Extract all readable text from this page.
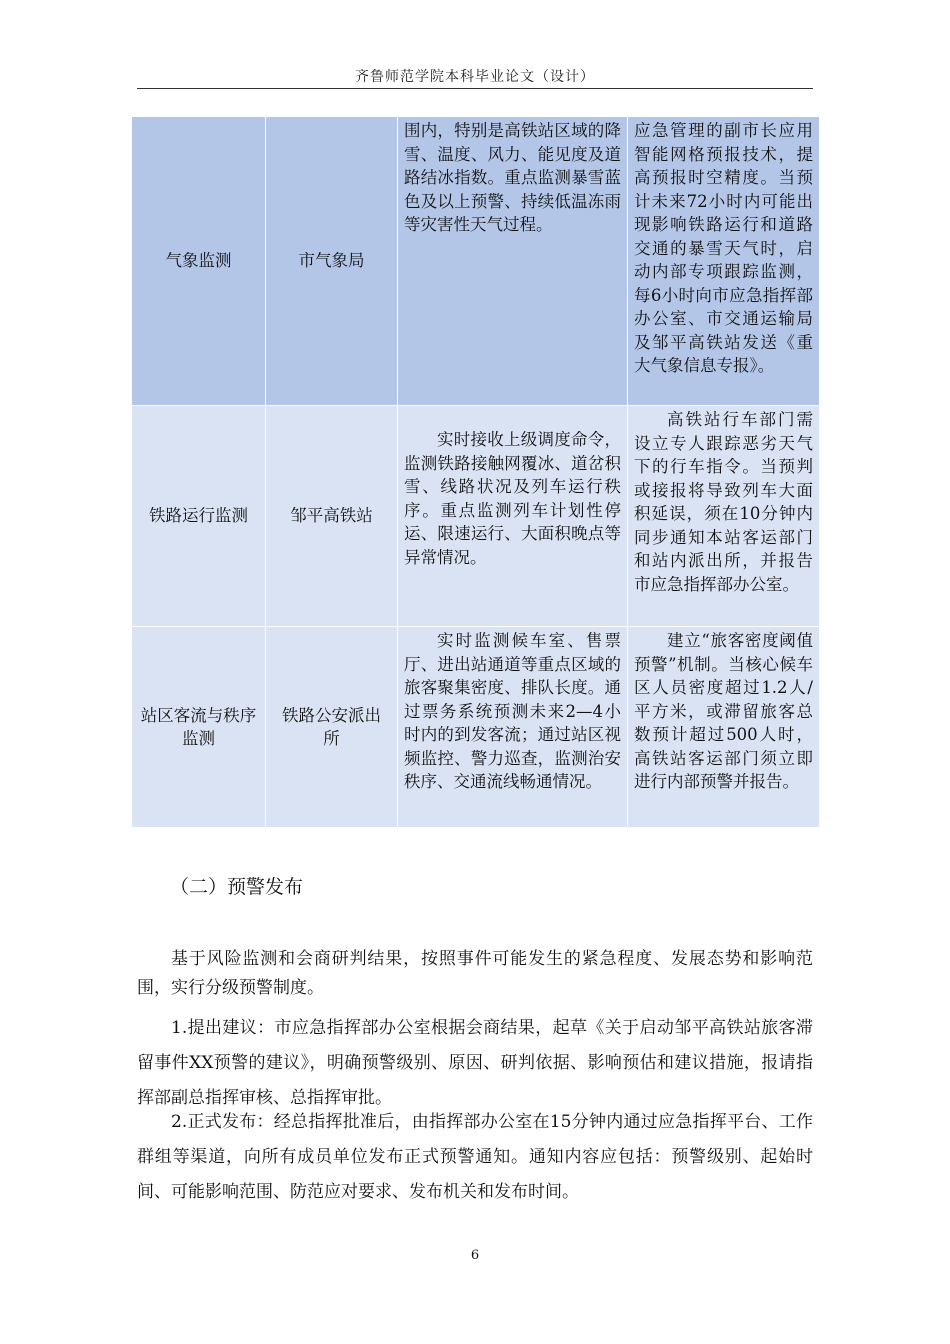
齐鲁师范学院本科毕业论文（设计）
气象监测	市气象局	围内，特别是高铁站区域的降雪、温度、风力、能见度及道路结冰指数。重点监测暴雪蓝色及以上预警、持续低温冻雨等灾害性天气过程。	应急管理的副市长应用智能网格预报技术，提高预报时空精度。当预计未来72小时内可能出现影响铁路运行和道路交通的暴雪天气时，启动内部专项跟踪监测，每6小时向市应急指挥部办公室、市交通运输局及邹平高铁站发送《重大气象信息专报》。
铁路运行监测	邹平高铁站	实时接收上级调度命令，监测铁路接触网覆冰、道岔积雪、线路状况及列车运行秩序。重点监测列车计划性停运、限速运行、大面积晚点等异常情况。	高铁站行车部门需设立专人跟踪恶劣天气下的行车指令。当预判或接报将导致列车大面积延误，须在10分钟内同步通知本站客运部门和站内派出所，并报告市应急指挥部办公室。
站区客流与秩序监测	铁路公安派出所	实时监测候车室、售票厅、进出站通道等重点区域的旅客聚集密度、排队长度。通过票务系统预测未来2—4小时内的到发客流；通过站区视频监控、警力巡查，监测治安秩序、交通流线畅通情况。	建立“旅客密度阈值预警”机制。当核心候车区人员密度超过1.2人/平方米，或滞留旅客总数预计超过500人时，高铁站客运部门须立即进行内部预警并报告。
（二）预警发布
基于风险监测和会商研判结果，按照事件可能发生的紧急程度、发展态势和影响范围，实行分级预警制度。
1.提出建议：市应急指挥部办公室根据会商结果，起草《关于启动邹平高铁站旅客滞留事件XX预警的建议》，明确预警级别、原因、研判依据、影响预估和建议措施，报请指挥部副总指挥审核、总指挥审批。
2.正式发布：经总指挥批准后，由指挥部办公室在15分钟内通过应急指挥平台、工作群组等渠道，向所有成员单位发布正式预警通知。通知内容应包括：预警级别、起始时间、可能影响范围、防范应对要求、发布机关和发布时间。
6
